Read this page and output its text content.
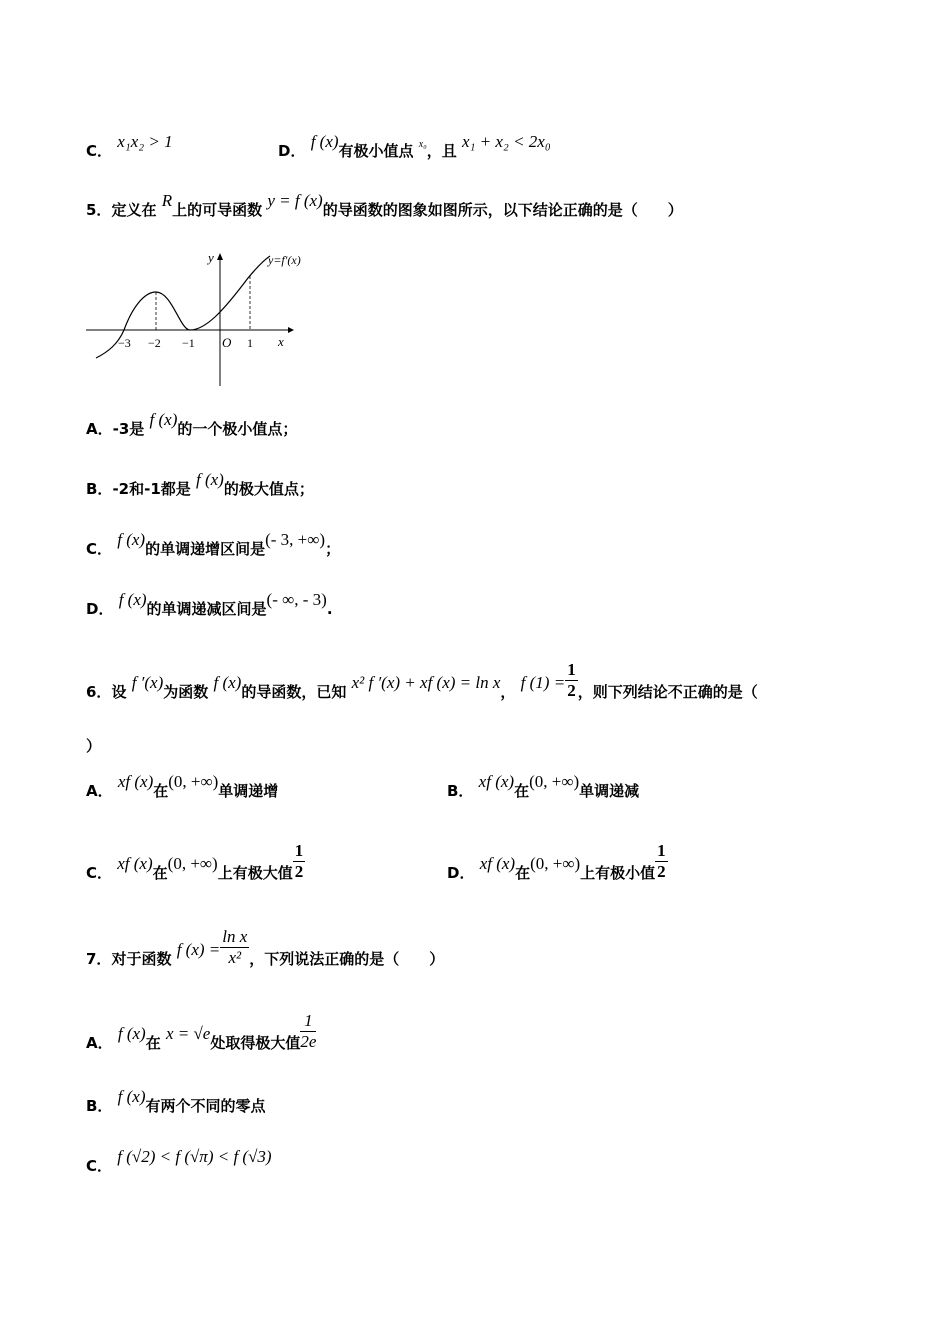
C． x₁x₂ > 1	D． f (x)有极小值点 $^{x_0}$，且 x₁ + x₂ < 2x₀
5．定义在 R上的可导函数 y = f (x)的导函数的图象如图所示，以下结论正确的是（　　）
y	y=f′(x)
x
O
−3 −2 −1	1
A．-3是 f (x)的一个极小值点；
B．-2和-1都是 f (x)的极大值点；
C． f (x)的单调递增区间是(- 3, +∞)；
D． f (x)的单调递减区间是(- ∞, - 3).
6．设 f ′(x)为函数 f (x)的导函数，已知 x² f ′(x) + xf (x) = ln x， f $(1) = \frac{1}{2}$ ，则下列结论不正确的是（
）
A． xf (x)在(0, +∞)单调递增	B． xf (x)在(0, +∞)单调递减
C． xf (x)在(0, +∞)上有极大值 $\frac{1}{2}$	D． xf (x)在(0, +∞)上有极小值 $\frac{1}{2}$
7．对于函数 f $(x) = \frac{\text{ln x}}{\text{x²}}$ ，下列说法正确的是（　　）
A． f (x)在 x = √e处取得极大值 $\frac{1}{2e}$
B． f (x)有两个不同的零点
C． f (√2) < f (√π) < f (√3)
